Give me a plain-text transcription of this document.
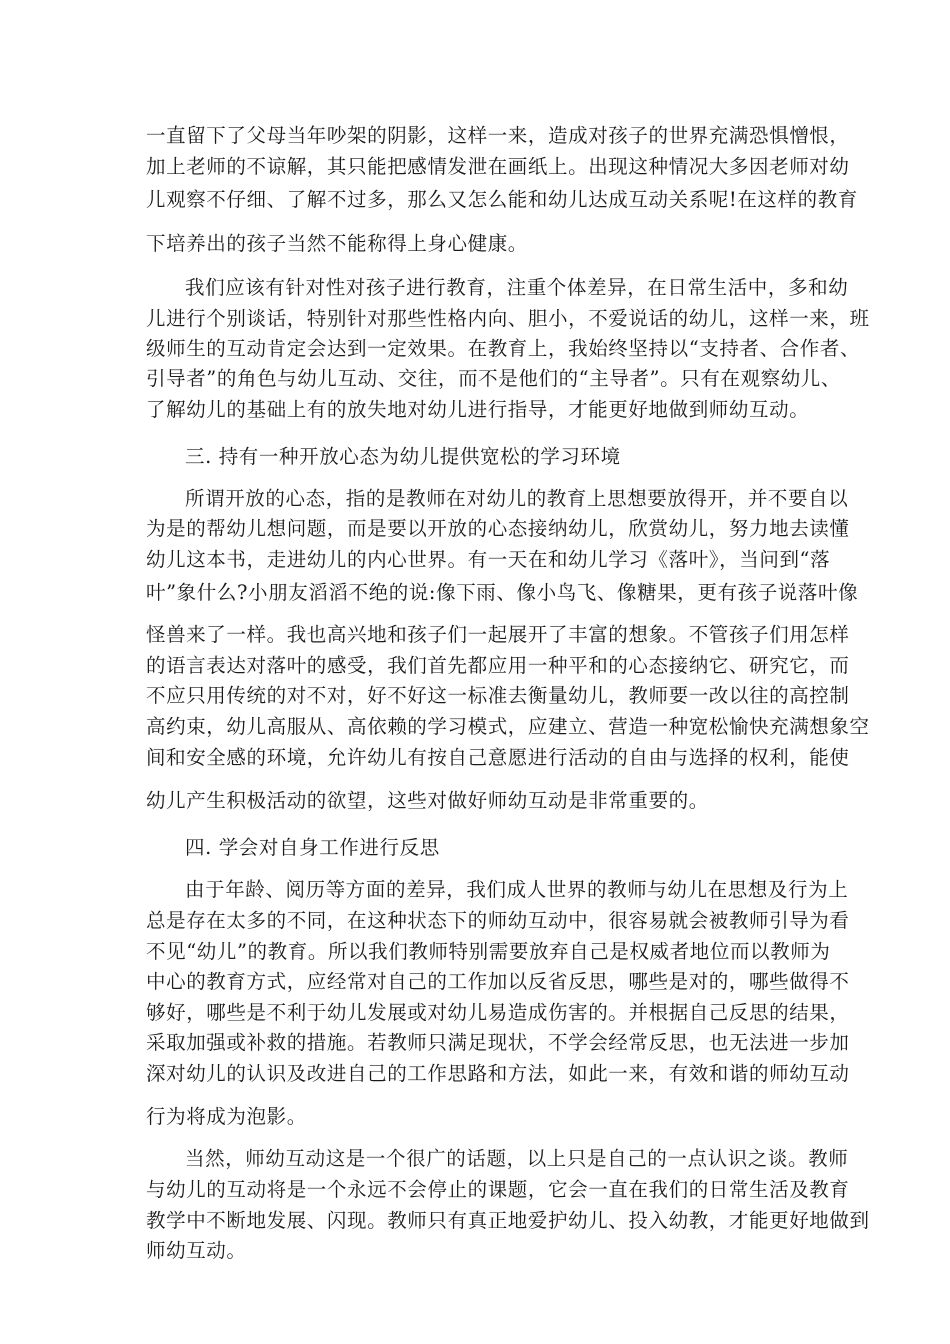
一直留下了父母当年吵架的阴影，这样一来，造成对孩子的世界充满恐惧憎恨，
加上老师的不谅解，其只能把感情发泄在画纸上。出现这种情况大多因老师对幼
儿观察不仔细、了解不过多，那么又怎么能和幼儿达成互动关系呢!在这样的教育
下培养出的孩子当然不能称得上身心健康。
我们应该有针对性对孩子进行教育，注重个体差异，在日常生活中，多和幼
儿进行个别谈话，特别针对那些性格内向、胆小，不爱说话的幼儿，这样一来，班
级师生的互动肯定会达到一定效果。在教育上，我始终坚持以“支持者、合作者、
引导者”的角色与幼儿互动、交往，而不是他们的“主导者”。只有在观察幼儿、
了解幼儿的基础上有的放失地对幼儿进行指导，才能更好地做到师幼互动。
三. 持有一种开放心态为幼儿提供宽松的学习环境
所谓开放的心态，指的是教师在对幼儿的教育上思想要放得开，并不要自以
为是的帮幼儿想问题，而是要以开放的心态接纳幼儿，欣赏幼儿，努力地去读懂
幼儿这本书，走进幼儿的内心世界。有一天在和幼儿学习《落叶》，当问到“落
叶”象什么?小朋友滔滔不绝的说:像下雨、像小鸟飞、像糖果，更有孩子说落叶像
怪兽来了一样。我也高兴地和孩子们一起展开了丰富的想象。不管孩子们用怎样
的语言表达对落叶的感受，我们首先都应用一种平和的心态接纳它、研究它，而
不应只用传统的对不对，好不好这一标准去衡量幼儿，教师要一改以往的高控制
高约束，幼儿高服从、高依赖的学习模式，应建立、营造一种宽松愉快充满想象空
间和安全感的环境，允许幼儿有按自己意愿进行活动的自由与选择的权利，能使
幼儿产生积极活动的欲望，这些对做好师幼互动是非常重要的。
四. 学会对自身工作进行反思
由于年龄、阅历等方面的差异，我们成人世界的教师与幼儿在思想及行为上
总是存在太多的不同，在这种状态下的师幼互动中，很容易就会被教师引导为看
不见“幼儿”的教育。所以我们教师特别需要放弃自己是权威者地位而以教师为
中心的教育方式，应经常对自己的工作加以反省反思，哪些是对的，哪些做得不
够好，哪些是不利于幼儿发展或对幼儿易造成伤害的。并根据自己反思的结果，
采取加强或补救的措施。若教师只满足现状，不学会经常反思，也无法进一步加
深对幼儿的认识及改进自己的工作思路和方法，如此一来，有效和谐的师幼互动
行为将成为泡影。
当然，师幼互动这是一个很广的话题，以上只是自己的一点认识之谈。教师
与幼儿的互动将是一个永远不会停止的课题，它会一直在我们的日常生活及教育
教学中不断地发展、闪现。教师只有真正地爱护幼儿、投入幼教，才能更好地做到
师幼互动。
